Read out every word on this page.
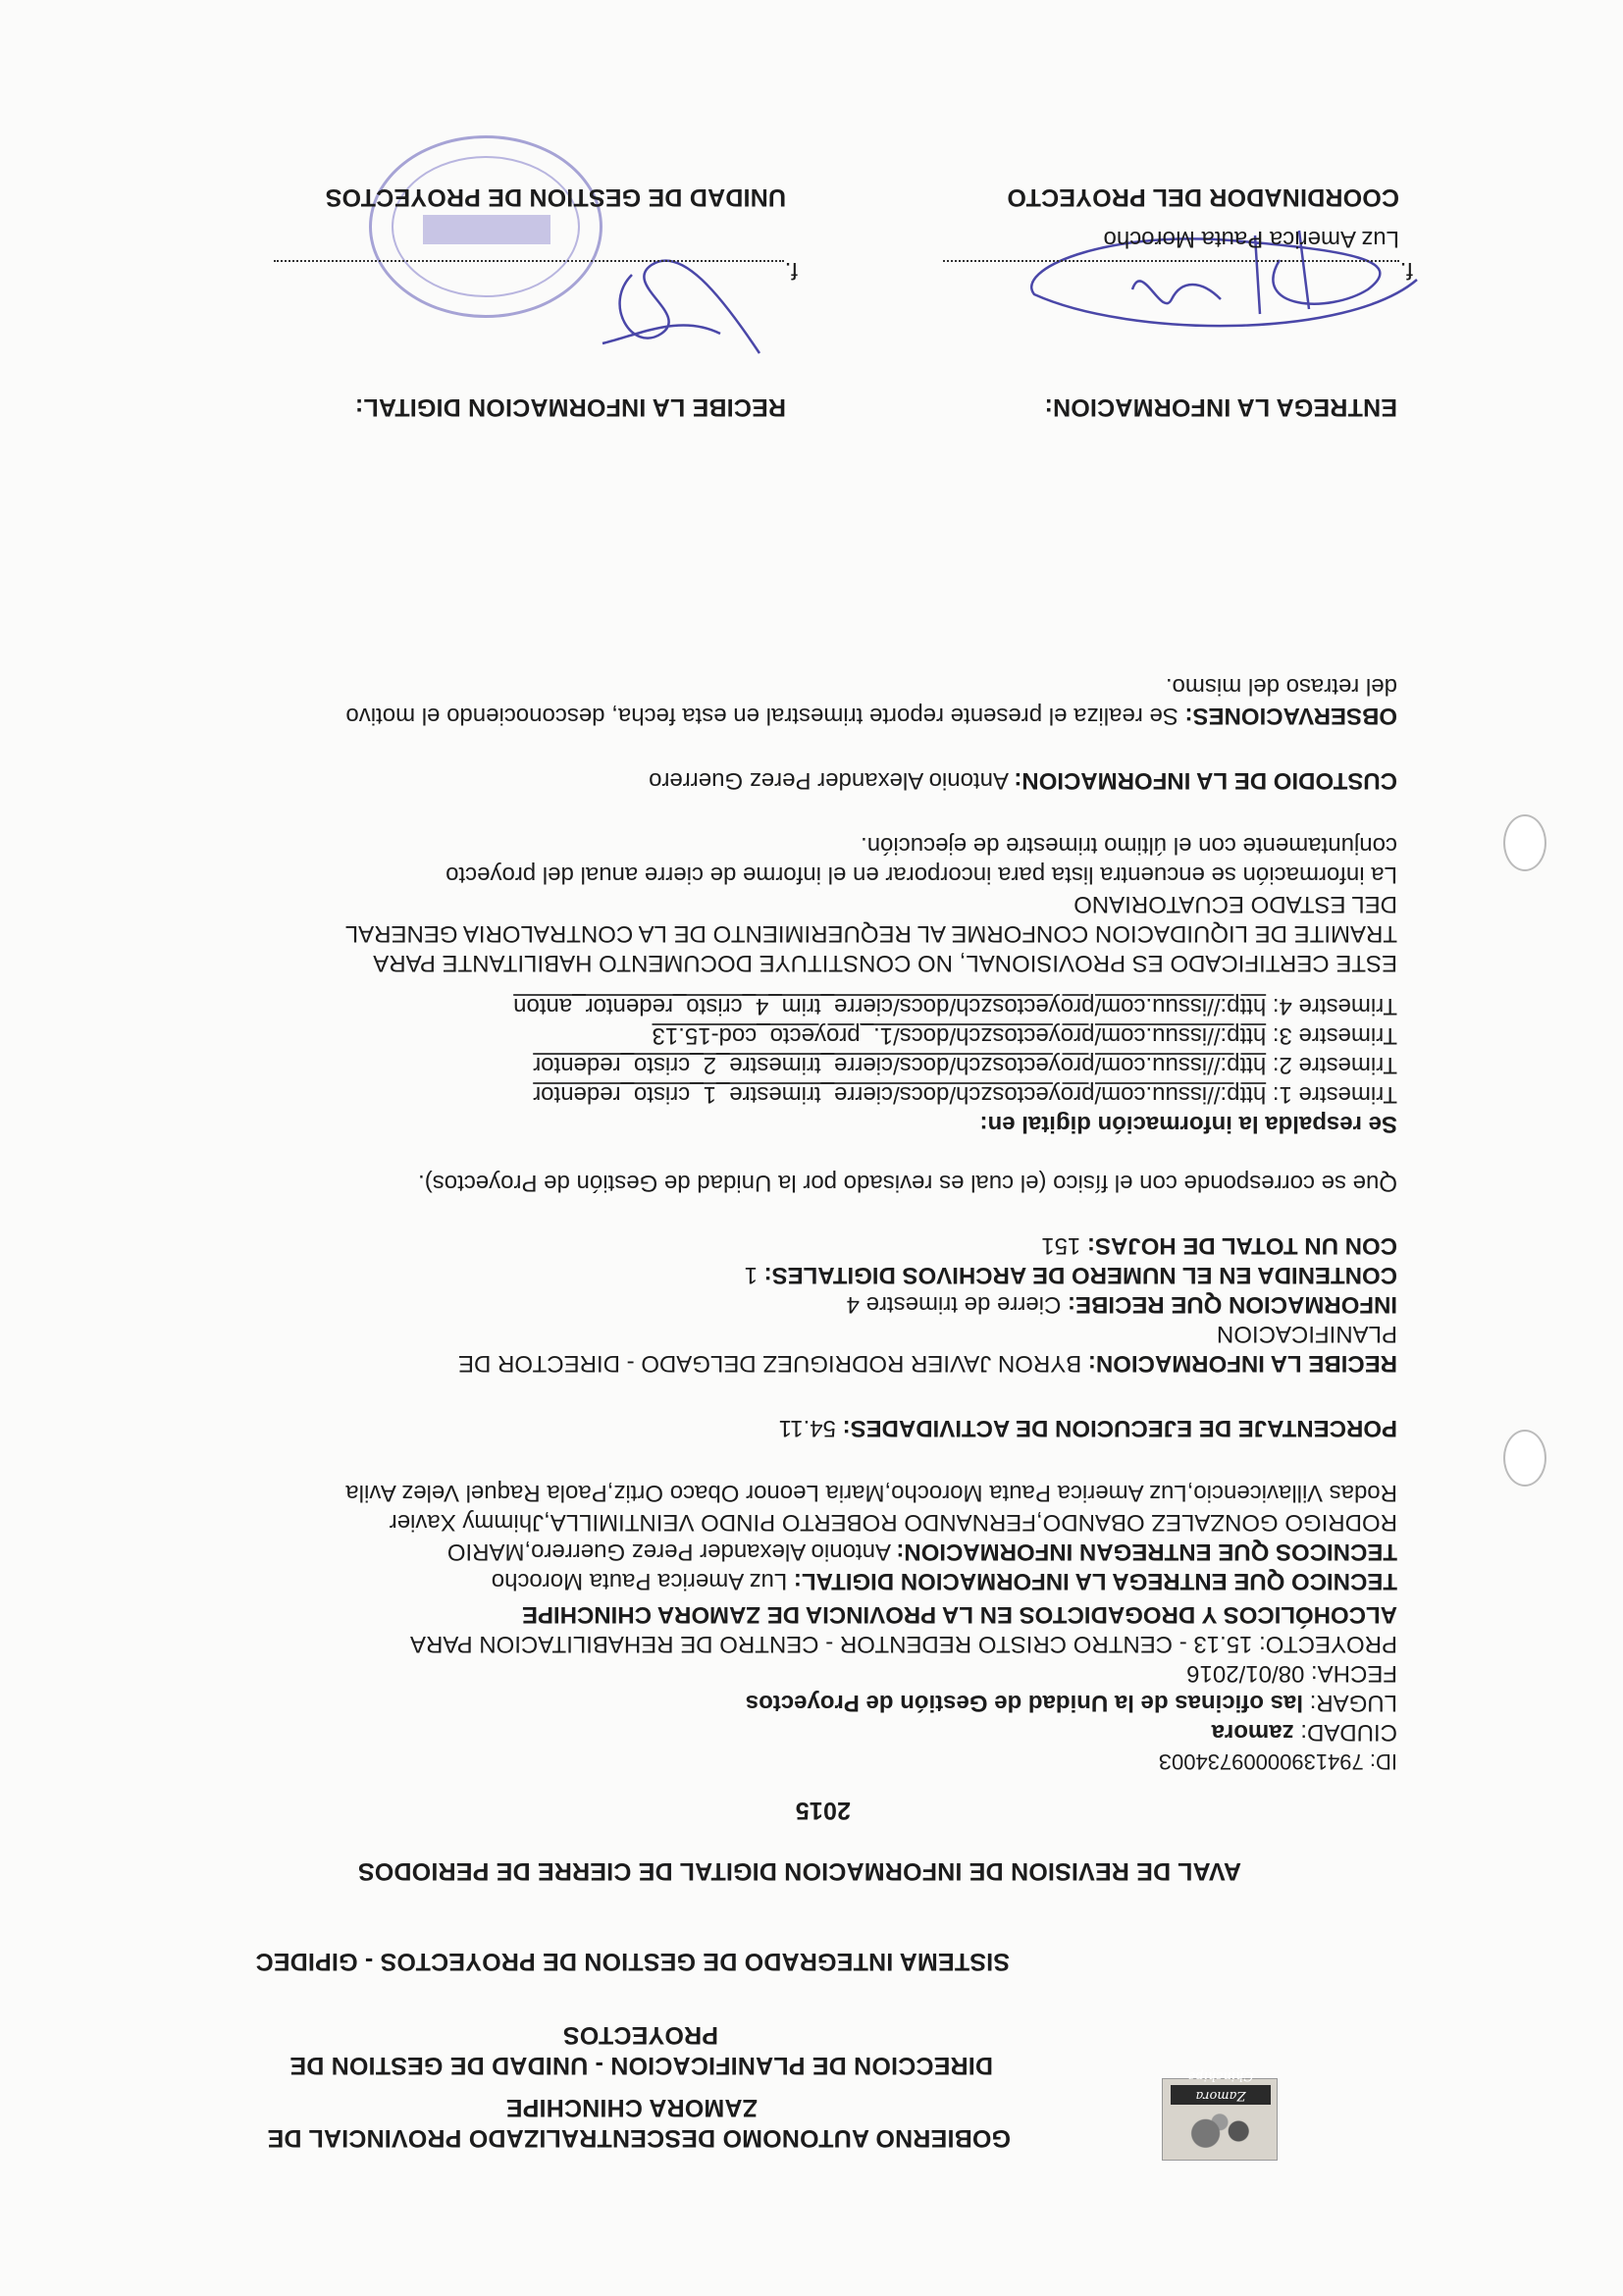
Zamora Chinchipe
GOBIERNO AUTONOMO DESCENTRALIZADO PROVINCIAL DE
ZAMORA CHINCHIPE
DIRECCION DE PLANIFICACION - UNIDAD DE GESTION DE
PROYECTOS
SISTEMA INTEGRADO DE GESTION DE PROYECTOS - GIPIDEC
AVAL DE REVISION DE INFORMACION DIGITAL DE CIERRE DE PERIODOS
2015
ID: 7941390000973400З
CIUDAD: zamora
LUGAR: las oficinas de la Unidad de Gestión de Proyectos
FECHA: 08/01/2016
PROYECTO: 15.13 - CENTRO CRISTO REDENTOR - CENTRO DE REHABILITACION PARA
ALCOHÓLICOS Y DROGADICTOS EN LA PROVINCIA DE ZAMORA CHINCHIPE
TECNICO QUE ENTREGA LA INFORMACION DIGITAL: Luz America Pauta Morocho
TECNICOS QUE ENTREGAN INFORMACION: Antonio Alexander Perez Guerrero,MARIO
RODRIGO GONZALEZ OBANDO,FERNANDO ROBERTO PINDO VEINTIMILLA,Jhimmy Xavier
Rodas Villavicencio,Luz America Pauta Morocho,Maria Leonor Obaco Ortiz,Paola Raquel Velez Avila
PORCENTAJE DE EJECUCION DE ACTIVIDADES: 54.11
RECIBE LA INFORMACION: BYRON JAVIER RODRIGUEZ DELGADO - DIRECTOR DE
PLANIFICACION
INFORMACION QUE RECIBE: Cierre de trimestre 4
CONTENIDA EN EL NUMERO DE ARCHIVOS DIGITALES: 1
CON UN TOTAL DE HOJAS: 151
Que se corresponde con el físico (el cual es revisado por la Unidad de Gestión de Proyectos).
Se respalda la información digital en:
Trimestre 1: http://issuu.com/proyectoszch/docs/cierre_trimestre_1_cristo_redentor
Trimestre 2: http://issuu.com/proyectoszch/docs/cierre_trimestre_2_cristo_redentor
Trimestre 3: http://issuu.com/proyectoszch/docs/1._proyecto_cod-15.13
Trimestre 4: http://issuu.com/proyectoszch/docs/cierre_trim_4_cristo_redentor_anton
ESTE CERTIFICADO ES PROVISIONAL, NO CONSTITUYE DOCUMENTO HABILITANTE PARA
TRAMITE DE LIQUIDACION CONFORME AL REQUERIMIENTO DE LA CONTRALORIA GENERAL
DEL ESTADO ECUATORIANO
La información se encuentra lista para incorporar en el informe de cierre anual del proyecto
conjuntamente con el último trimestre de ejecución.
CUSTODIO DE LA INFORMACION: Antonio Alexander Perez Guerrero
OBSERVACIONES: Se realiza el presente reporte trimestral en esta fecha, desconociendo el motivo
del retraso del mismo.
ENTREGA LA INFORMACION:
RECIBE LA INFORMACION DIGITAL:
f.
Luz America Pauta Morocho
COORDINADOR DEL PROYECTO
f.
UNIDAD DE GESTION DE PROYECTOS
